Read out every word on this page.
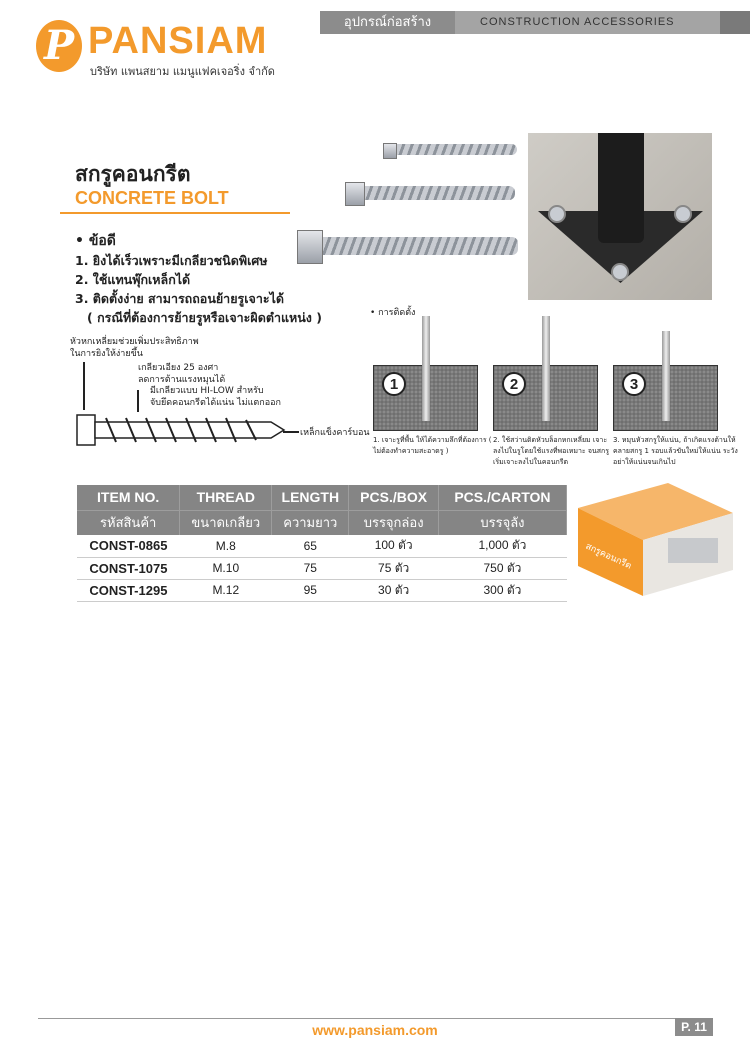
P PANSIAM
บริษัท แพนสยาม แมนูแฟคเจอริ่ง จำกัด
อุปกรณ์ก่อสร้าง	CONSTRUCTION ACCESSORIES
สกรูคอนกรีต
CONCRETE BOLT
• ข้อดี
1. ยิงได้เร็วเพราะมีเกลียวชนิดพิเศษ
2. ใช้แทนพุ๊กเหล็กได้
3. ติดตั้งง่าย สามารถถอนย้ายรูเจาะได้
( กรณีที่ต้องการย้ายรูหรือเจาะผิดตำแหน่ง )
หัวหกเหลี่ยมช่วยเพิ่มประสิทธิภาพ
ในการยิงให้ง่ายขึ้น
เกลียวเอียง 25 องศา
ลดการต้านแรงหมุนได้
มีเกลียวแบบ HI-LOW สำหรับ
จับยึดคอนกรีตได้แน่น ไม่แตกออก
เหล็กแข็งคาร์บอน
• การติดตั้ง
1	2	3
1. เจาะรูที่พื้น ให้ได้ความลึกที่ต้องการ ( ไม่ต้องทำความสะอาดรู )
2. ใช้สว่านติดหัวบล็อกหกเหลี่ยม เจาะลงไปในรูโดยใช้แรงที่พอเหมาะ จนสกรูเริ่มเจาะลงไปในคอนกรีต
3. หมุนหัวสกรูให้แน่น, ถ้าเกิดแรงต้านให้คลายสกรู 1 รอบแล้วขันใหม่ให้แน่น ระวังอย่าให้แน่นจนเกินไป
ITEM NO.	THREAD	LENGTH	PCS./BOX	PCS./CARTON
รหัสสินค้า	ขนาดเกลียว	ความยาว	บรรจุกล่อง	บรรจุลัง
CONST-0865	M.8	65	100 ตัว	1,000 ตัว
CONST-1075	M.10	75	75 ตัว	750 ตัว
CONST-1295	M.12	95	30 ตัว	300 ตัว
สกรูคอนกรีต
www.pansiam.com	P. 11
